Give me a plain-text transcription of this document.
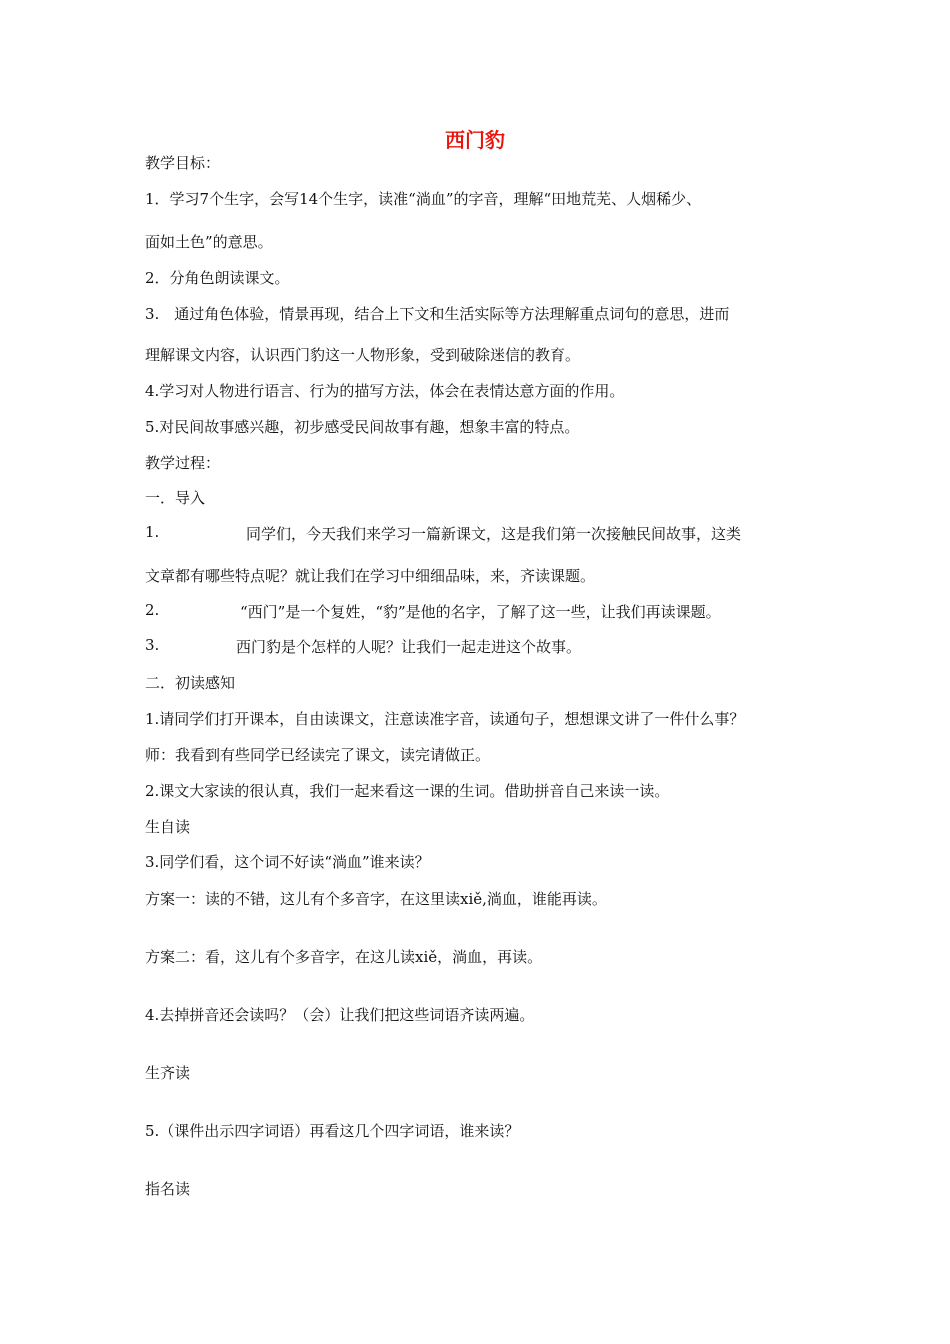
西门豹
教学目标：
1．学习7个生字，会写14个生字，读准“淌血”的字音，理解“田地荒芜、人烟稀少、
面如土色”的意思。
2．分角色朗读课文。
3.　通过角色体验，情景再现，结合上下文和生活实际等方法理解重点词句的意思，进而
理解课文内容，认识西门豹这一人物形象，受到破除迷信的教育。
4.学习对人物进行语言、行为的描写方法，体会在表情达意方面的作用。
5.对民间故事感兴趣，初步感受民间故事有趣，想象丰富的特点。
教学过程：
一．导入
1.	同学们，今天我们来学习一篇新课文，这是我们第一次接触民间故事，这类
文章都有哪些特点呢？就让我们在学习中细细品味，来，齐读课题。
2.	“西门”是一个复姓，“豹”是他的名字，了解了这一些，让我们再读课题。
3.	西门豹是个怎样的人呢？让我们一起走进这个故事。
二．初读感知
1.请同学们打开课本，自由读课文，注意读准字音，读通句子，想想课文讲了一件什么事？
师：我看到有些同学已经读完了课文，读完请做正。
2.课文大家读的很认真，我们一起来看这一课的生词。借助拼音自己来读一读。
生自读
3.同学们看，这个词不好读“淌血”谁来读？
方案一：读的不错，这儿有个多音字，在这里读xiě,淌血，谁能再读。
方案二：看，这儿有个多音字，在这儿读xiě，淌血，再读。
4.去掉拼音还会读吗？（会）让我们把这些词语齐读两遍。
生齐读
5.（课件出示四字词语）再看这几个四字词语，谁来读？
指名读
